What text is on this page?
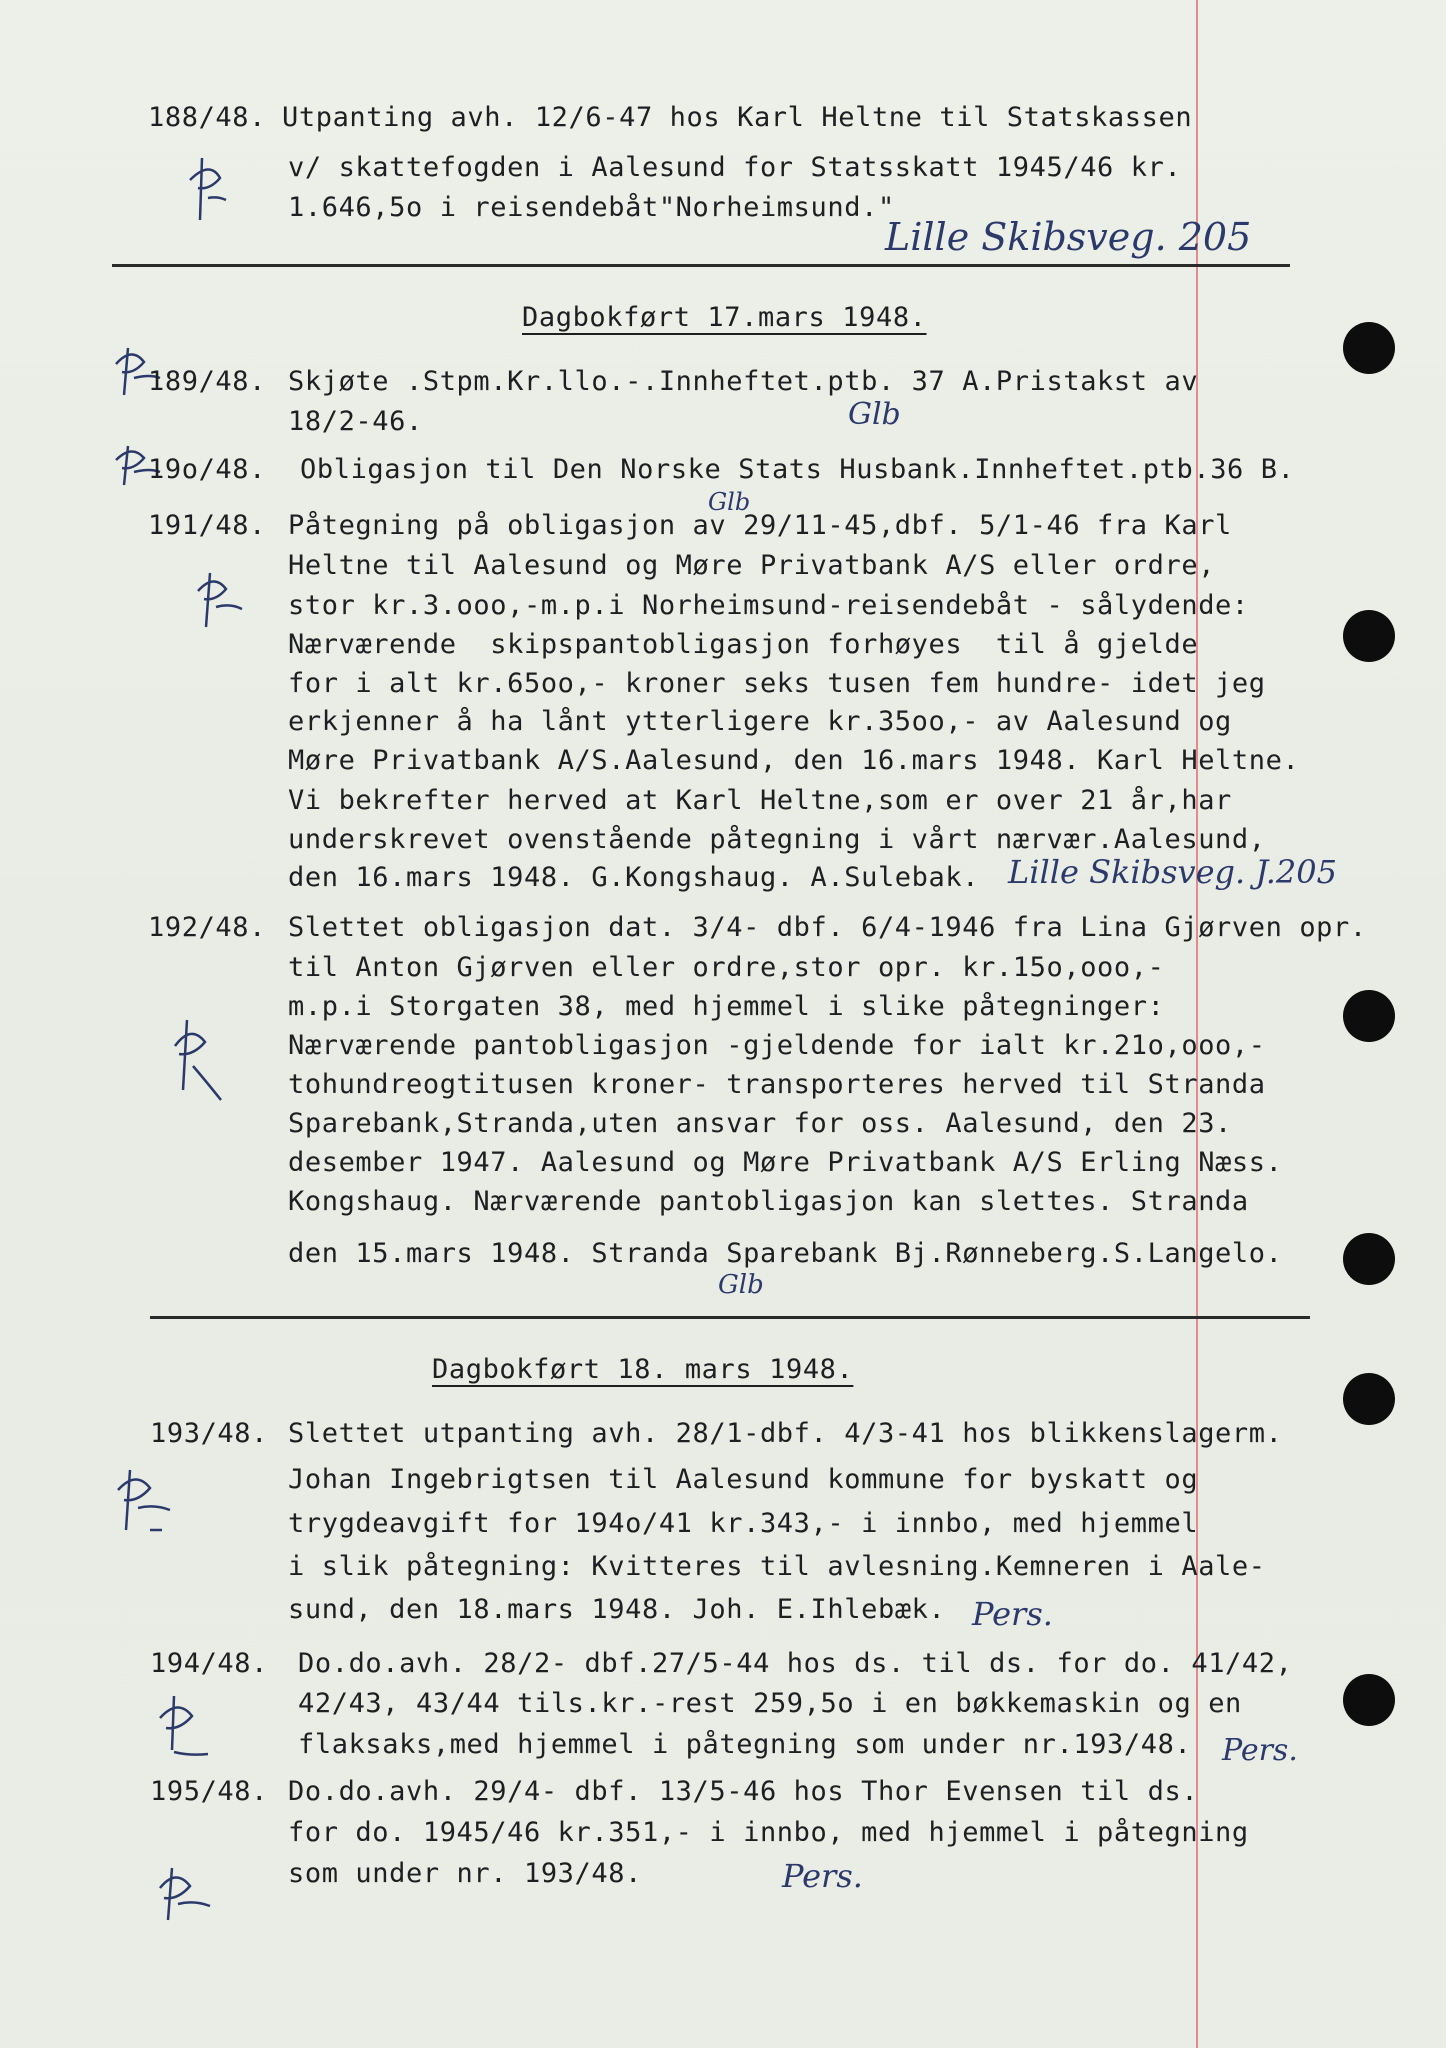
188/48. Utpanting avh. 12/6-47 hos Karl Heltne til Statskassen
v/ skattefogden i Aalesund for Statsskatt 1945/46 kr.
1.646,5o i reisendebåt"Norheimsund."
Lille Skibsveg. 205
Dagbokført 17.mars 1948.
189/48. Skjøte .Stpm.Kr.llo.-.Innheftet.ptb. 37 A.Pristakst av
18/2-46.	Glb
19o/48. Obligasjon til Den Norske Stats Husbank.Innheftet.ptb.36 B.
Glb
191/48. Påtegning på obligasjon av 29/11-45,dbf. 5/1-46 fra Karl
Heltne til Aalesund og Møre Privatbank A/S eller ordre,
stor kr.3.ooo,-m.p.i Norheimsund-reisendebåt - sålydende:
Nærværende  skipspantobligasjon forhøyes  til å gjelde
for i alt kr.65oo,- kroner seks tusen fem hundre- idet jeg
erkjenner å ha lånt ytterligere kr.35oo,- av Aalesund og
Møre Privatbank A/S.Aalesund, den 16.mars 1948. Karl Heltne.
Vi bekrefter herved at Karl Heltne,som er over 21 år,har
underskrevet ovenstående påtegning i vårt nærvær.Aalesund,
den 16.mars 1948. G.Kongshaug. A.Sulebak. Lille Skibsveg. J.205
192/48. Slettet obligasjon dat. 3/4- dbf. 6/4-1946 fra Lina Gjørven opr.
til Anton Gjørven eller ordre,stor opr. kr.15o,ooo,-
m.p.i Storgaten 38, med hjemmel i slike påtegninger:
Nærværende pantobligasjon -gjeldende for ialt kr.21o,ooo,-
tohundreogtitusen kroner- transporteres herved til Stranda
Sparebank,Stranda,uten ansvar for oss. Aalesund, den 23.
desember 1947. Aalesund og Møre Privatbank A/S Erling Næss.
Kongshaug. Nærværende pantobligasjon kan slettes. Stranda
den 15.mars 1948. Stranda Sparebank Bj.Rønneberg.S.Langelo.
Glb
Dagbokført 18. mars 1948.
193/48. Slettet utpanting avh. 28/1-dbf. 4/3-41 hos blikkenslagerm.
Johan Ingebrigtsen til Aalesund kommune for byskatt og
trygdeavgift for 194o/41 kr.343,- i innbo, med hjemmel
i slik påtegning: Kvitteres til avlesning.Kemneren i Aale-
sund, den 18.mars 1948. Joh. E.Ihlebæk. Pers.
194/48. Do.do.avh. 28/2- dbf.27/5-44 hos ds. til ds. for do. 41/42,
42/43, 43/44 tils.kr.-rest 259,5o i en bøkkemaskin og en
flaksaks,med hjemmel i påtegning som under nr.193/48. Pers.
195/48. Do.do.avh. 29/4- dbf. 13/5-46 hos Thor Evensen til ds.
for do. 1945/46 kr.351,- i innbo, med hjemmel i påtegning
som under nr. 193/48.	Pers.
